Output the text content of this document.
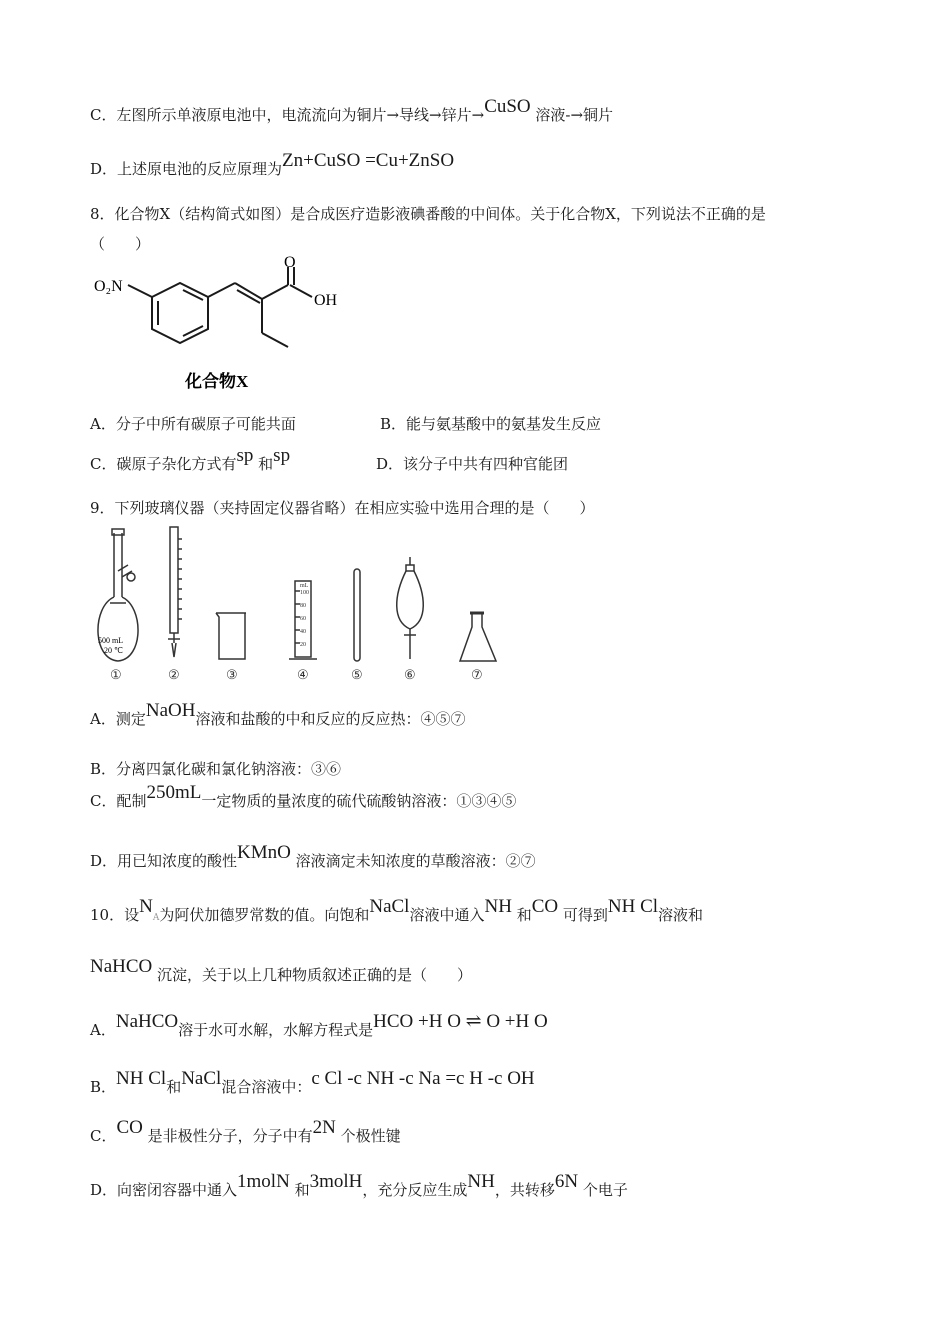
C．左图所示单液原电池中，电流流向为铜片→导线→锌片→CuSO 溶液-→铜片
D．上述原电池的反应原理为Zn+CuSO =Cu+ZnSO
8．化合物X（结构简式如图）是合成医疗造影液碘番酸的中间体。关于化合物X，下列说法不正确的是
（　　）
O₂N
O
OH
化合物X
A．分子中所有碳原子可能共面	B．能与氨基酸中的氨基发生反应
C．碳原子杂化方式有sp 和sp	D．该分子中共有四种官能团
9．下列玻璃仪器（夹持固定仪器省略）在相应实验中选用合理的是（　　）
500 mL
20 ℃
mL
100
80
60
40
20
①	②	③	④	⑤	⑥	⑦
A．测定NaOH溶液和盐酸的中和反应的反应热：④⑤⑦
B．分离四氯化碳和氯化钠溶液：③⑥
C．配制250mL一定物质的量浓度的硫代硫酸钠溶液：①③④⑤
D．用已知浓度的酸性KMnO 溶液滴定未知浓度的草酸溶液：②⑦
10．设NA为阿伏加德罗常数的值。向饱和NaCl溶液中通入NH 和CO 可得到NH Cl溶液和
NaHCO 沉淀，关于以上几种物质叙述正确的是（　　）
A．NaHCO溶于水可水解，水解方程式是HCO +H O ⇌ O +H O
B．NH Cl和NaCl混合溶液中：c Cl -c NH -c Na =c H -c OH
C．CO 是非极性分子，分子中有2N 个极性键
D．向密闭容器中通入1molN 和3molH，充分反应生成NH，共转移6N 个电子
